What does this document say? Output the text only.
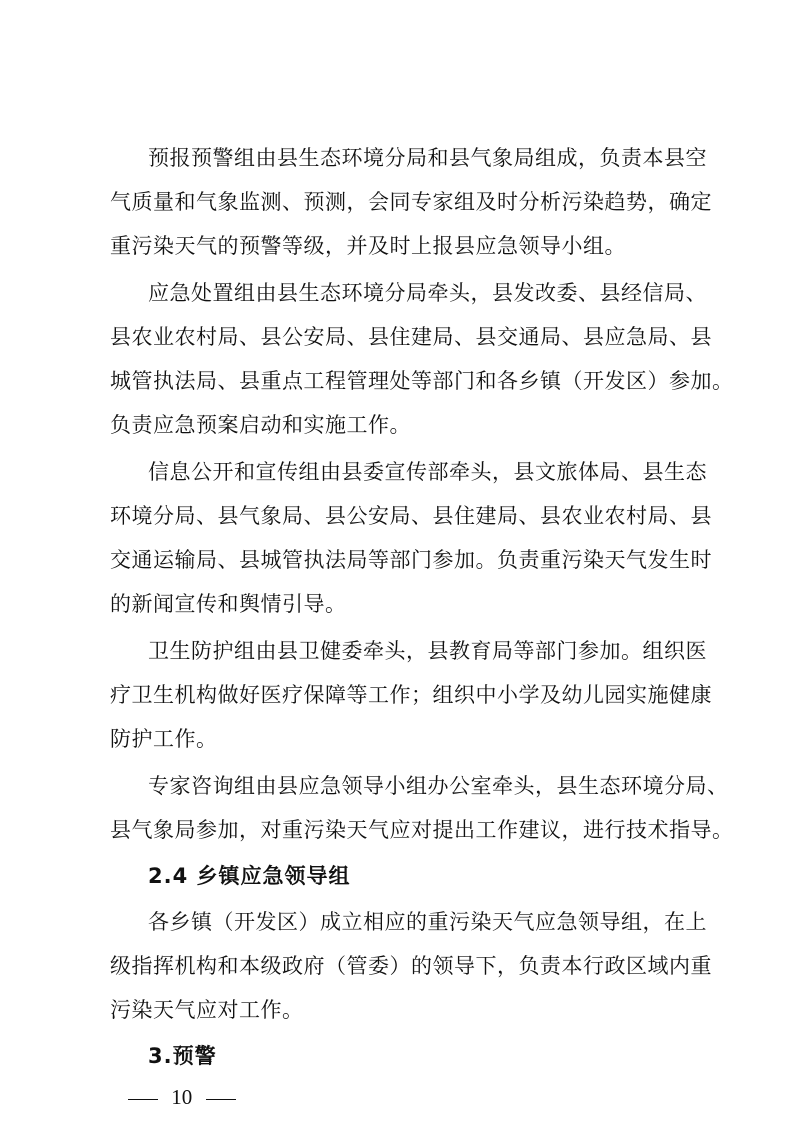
预报预警组由县生态环境分局和县气象局组成，负责本县空
气质量和气象监测、预测，会同专家组及时分析污染趋势，确定
重污染天气的预警等级，并及时上报县应急领导小组。
应急处置组由县生态环境分局牵头，县发改委、县经信局、
县农业农村局、县公安局、县住建局、县交通局、县应急局、县
城管执法局、县重点工程管理处等部门和各乡镇（开发区）参加。
负责应急预案启动和实施工作。
信息公开和宣传组由县委宣传部牵头，县文旅体局、县生态
环境分局、县气象局、县公安局、县住建局、县农业农村局、县
交通运输局、县城管执法局等部门参加。负责重污染天气发生时
的新闻宣传和舆情引导。
卫生防护组由县卫健委牵头，县教育局等部门参加。组织医
疗卫生机构做好医疗保障等工作；组织中小学及幼儿园实施健康
防护工作。
专家咨询组由县应急领导小组办公室牵头，县生态环境分局、
县气象局参加，对重污染天气应对提出工作建议，进行技术指导。
2.4 乡镇应急领导组
各乡镇（开发区）成立相应的重污染天气应急领导组，在上
级指挥机构和本级政府（管委）的领导下，负责本行政区域内重
污染天气应对工作。
3.预警
10
